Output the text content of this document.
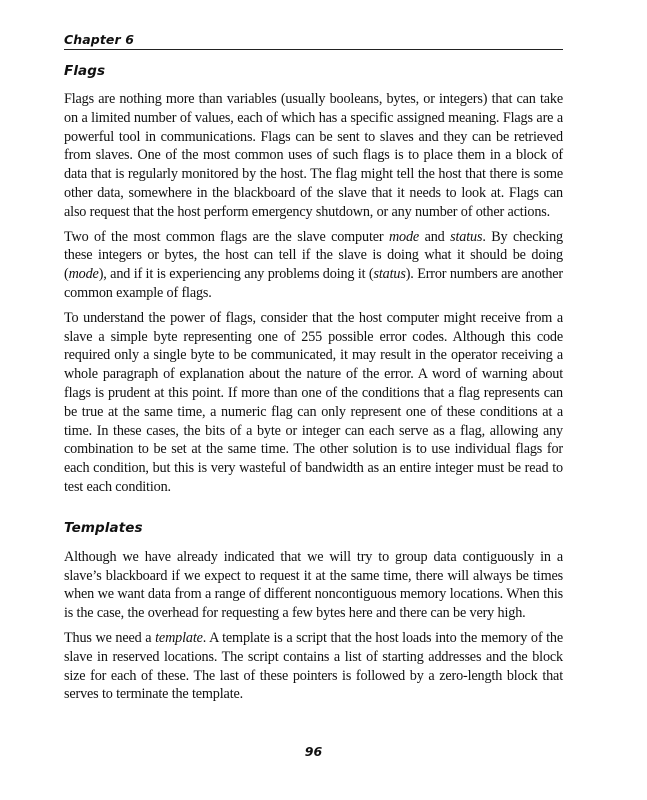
Chapter 6
Flags

Flags are nothing more than variables (usually booleans, bytes, or integers) that can take on a limited number of values, each of which has a specific assigned meaning. Flags are a powerful tool in communications. Flags can be sent to slaves and they can be retrieved from slaves. One of the most common uses of such flags is to place them in a block of data that is regularly monitored by the host. The flag might tell the host that there is some other data, somewhere in the blackboard of the slave that it needs to look at. Flags can also request that the host perform emergency shutdown, or any number of other actions.

Two of the most common flags are the slave computer mode and status. By checking these integers or bytes, the host can tell if the slave is doing what it should be doing (mode), and if it is experiencing any problems doing it (status). Error numbers are another common example of flags.

To understand the power of flags, consider that the host computer might receive from a slave a simple byte representing one of 255 possible error codes. Although this code required only a single byte to be communicated, it may result in the operator receiving a whole paragraph of explanation about the nature of the error. A word of warning about flags is prudent at this point. If more than one of the conditions that a flag represents can be true at the same time, a numeric flag can only represent one of these conditions at a time. In these cases, the bits of a byte or integer can each serve as a flag, allowing any combination to be set at the same time. The other solution is to use individual flags for each condition, but this is very wasteful of bandwidth as an entire integer must be read to test each condition.

Templates

Although we have already indicated that we will try to group data contiguously in a slave’s blackboard if we expect to request it at the same time, there will always be times when we want data from a range of different noncontiguous memory locations. When this is the case, the overhead for requesting a few bytes here and there can be very high.

Thus we need a template. A template is a script that the host loads into the memory of the slave in reserved locations. The script contains a list of starting addresses and the block size for each of these. The last of these pointers is followed by a zero-length block that serves to terminate the template.

96
